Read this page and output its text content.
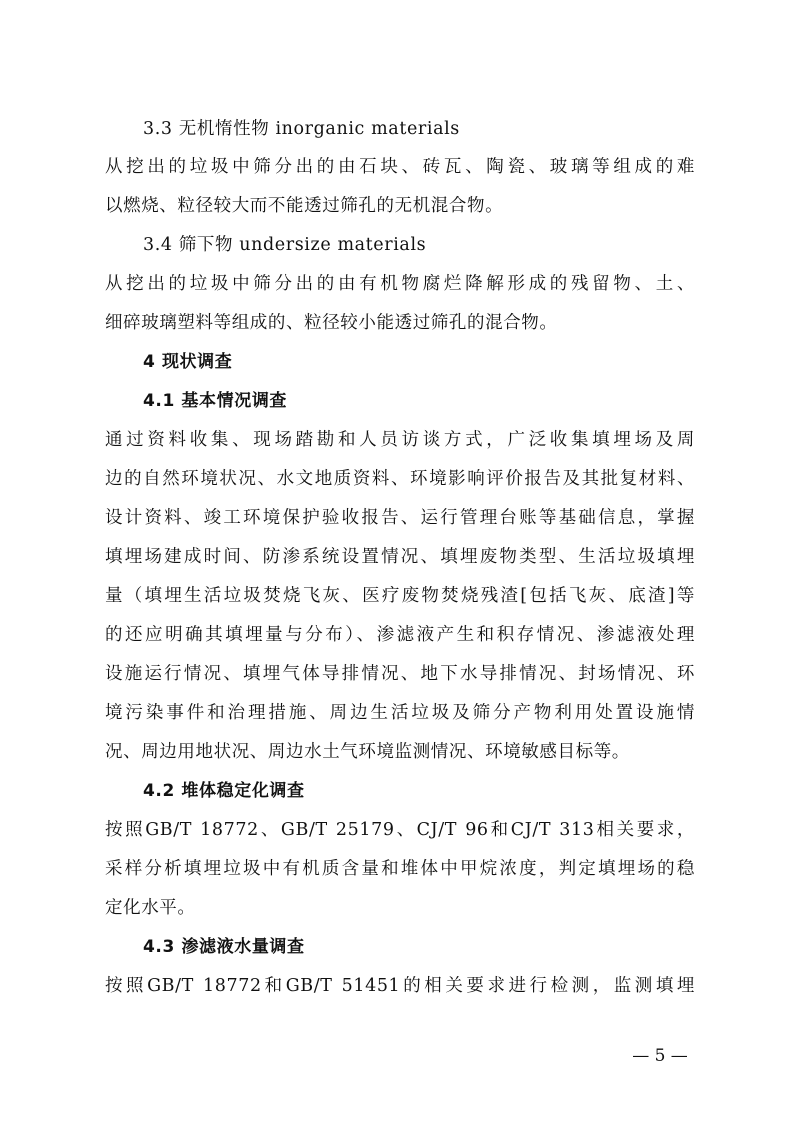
3.3 无机惰性物 inorganic materials
从挖出的垃圾中筛分出的由石块、砖瓦、陶瓷、玻璃等组成的难
以燃烧、粒径较大而不能透过筛孔的无机混合物。
3.4 筛下物 undersize materials
从挖出的垃圾中筛分出的由有机物腐烂降解形成的残留物、土、
细碎玻璃塑料等组成的、粒径较小能透过筛孔的混合物。
4 现状调查
4.1 基本情况调查
通过资料收集、现场踏勘和人员访谈方式，广泛收集填埋场及周
边的自然环境状况、水文地质资料、环境影响评价报告及其批复材料、
设计资料、竣工环境保护验收报告、运行管理台账等基础信息，掌握
填埋场建成时间、防渗系统设置情况、填埋废物类型、生活垃圾填埋
量（填埋生活垃圾焚烧飞灰、医疗废物焚烧残渣[包括飞灰、底渣]等
的还应明确其填埋量与分布）、渗滤液产生和积存情况、渗滤液处理
设施运行情况、填埋气体导排情况、地下水导排情况、封场情况、环
境污染事件和治理措施、周边生活垃圾及筛分产物利用处置设施情
况、周边用地状况、周边水土气环境监测情况、环境敏感目标等。
4.2 堆体稳定化调查
按照GB/T 18772、GB/T 25179、CJ/T 96和CJ/T 313相关要求，
采样分析填埋垃圾中有机质含量和堆体中甲烷浓度，判定填埋场的稳
定化水平。
4.3 渗滤液水量调查
按照GB/T 18772和GB/T 51451的相关要求进行检测，监测填埋
— 5 —
